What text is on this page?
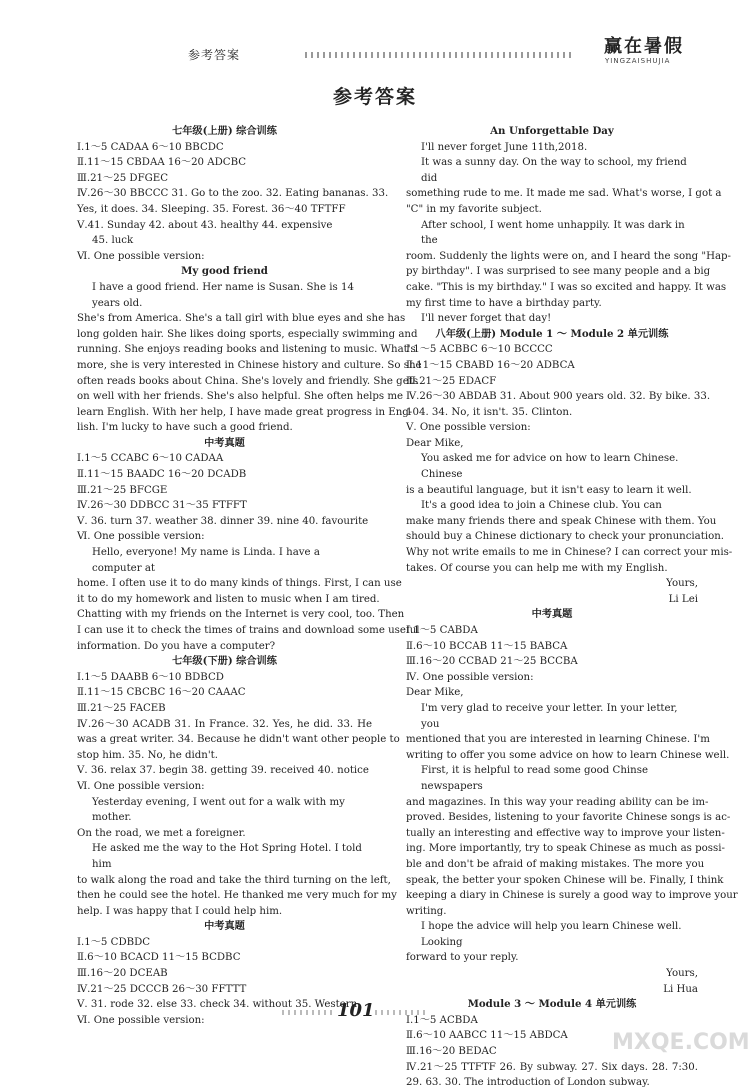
参考答案	赢在暑假
YINGZAISHUJIA
参考答案
七年级(上册) 综合训练
Ⅰ.1～5 CADAA 6～10 BBCDC
Ⅱ.11～15 CBDAA 16～20 ADCBC
Ⅲ.21～25 DFGEC
Ⅳ.26～30 BBCCC 31. Go to the zoo. 32. Eating bananas. 33.
Yes, it does. 34. Sleeping. 35. Forest. 36～40 TFTFF
Ⅴ.41. Sunday 42. about 43. healthy 44. expensive
45. luck
Ⅵ. One possible version:
My good friend
I have a good friend. Her name is Susan. She is 14 years old.
She's from America. She's a tall girl with blue eyes and she has
long golden hair. She likes doing sports, especially swimming and
running. She enjoys reading books and listening to music. What's
more, she is very interested in Chinese history and culture. So she
often reads books about China. She's lovely and friendly. She gets
on well with her friends. She's also helpful. She often helps me
learn English. With her help, I have made great progress in Eng-
lish. I'm lucky to have such a good friend.
中考真题
Ⅰ.1～5 CCABC 6～10 CADAA
Ⅱ.11～15 BAADC 16～20 DCADB
Ⅲ.21～25 BFCGE
Ⅳ.26～30 DDBCC 31～35 FTFFT
Ⅴ. 36. turn 37. weather 38. dinner 39. nine 40. favourite
Ⅵ. One possible version:
Hello, everyone! My name is Linda. I have a computer at
home. I often use it to do many kinds of things. First, I can use
it to do my homework and listen to music when I am tired.
Chatting with my friends on the Internet is very cool, too. Then
I can use it to check the times of trains and download some useful
information. Do you have a computer?
七年级(下册) 综合训练
Ⅰ.1～5 DAABB 6～10 BDBCD
Ⅱ.11～15 CBCBC 16～20 CAAAC
Ⅲ.21～25 FACEB
Ⅳ.26～30 ACADB 31. In France. 32. Yes, he did. 33. He
was a great writer. 34. Because he didn't want other people to
stop him. 35. No, he didn't.
Ⅴ. 36. relax 37. begin 38. getting 39. received 40. notice
Ⅵ. One possible version:
Yesterday evening, I went out for a walk with my mother.
On the road, we met a foreigner.
He asked me the way to the Hot Spring Hotel. I told him
to walk along the road and take the third turning on the left,
then he could see the hotel. He thanked me very much for my
help. I was happy that I could help him.
中考真题
Ⅰ.1～5 CDBDC
Ⅱ.6～10 BCACD 11～15 BCDBC
Ⅲ.16～20 DCEAB
Ⅳ.21～25 DCCCB 26～30 FFTTT
Ⅴ. 31. rode 32. else 33. check 34. without 35. Western
Ⅵ. One possible version:
An Unforgettable Day
I'll never forget June 11th,2018.
It was a sunny day. On the way to school, my friend did
something rude to me. It made me sad. What's worse, I got a
"C" in my favorite subject.
After school, I went home unhappily. It was dark in the
room. Suddenly the lights were on, and I heard the song "Hap-
py birthday". I was surprised to see many people and a big
cake. "This is my birthday." I was so excited and happy. It was
my first time to have a birthday party.
I'll never forget that day!
八年级(上册) Module 1 ～ Module 2 单元训练
Ⅰ.1～5 ACBBC 6～10 BCCCC
Ⅱ.11～15 CBABD 16～20 ADBCA
Ⅲ.21～25 EDACF
Ⅳ.26～30 ABDAB 31. About 900 years old. 32. By bike. 33.
104. 34. No, it isn't. 35. Clinton.
Ⅴ. One possible version:
Dear Mike,
You asked me for advice on how to learn Chinese. Chinese
is a beautiful language, but it isn't easy to learn it well.
It's a good idea to join a Chinese club. You can
make many friends there and speak Chinese with them. You
should buy a Chinese dictionary to check your pronunciation.
Why not write emails to me in Chinese? I can correct your mis-
takes. Of course you can help me with my English.
Yours,
Li Lei
中考真题
Ⅰ.1～5 CABDA
Ⅱ.6～10 BCCAB 11～15 BABCA
Ⅲ.16～20 CCBAD 21～25 BCCBA
Ⅳ. One possible version:
Dear Mike,
I'm very glad to receive your letter. In your letter, you
mentioned that you are interested in learning Chinese. I'm
writing to offer you some advice on how to learn Chinese well.
First, it is helpful to read some good Chinse newspapers
and magazines. In this way your reading ability can be im-
proved. Besides, listening to your favorite Chinese songs is ac-
tually an interesting and effective way to improve your listen-
ing. More importantly, try to speak Chinese as much as possi-
ble and don't be afraid of making mistakes. The more you
speak, the better your spoken Chinese will be. Finally, I think
keeping a diary in Chinese is surely a good way to improve your
writing.
I hope the advice will help you learn Chinese well. Looking
forward to your reply.
Yours,
Li Hua
Module 3 ～ Module 4 单元训练
Ⅰ.1～5 ACBDA
Ⅱ.6～10 AABCC 11～15 ABDCA
Ⅲ.16～20 BEDAC
Ⅳ.21～25 TTFTF 26. By subway. 27. Six days. 28. 7:30.
29. 63. 30. The introduction of London subway.
101
MXQE.COM
